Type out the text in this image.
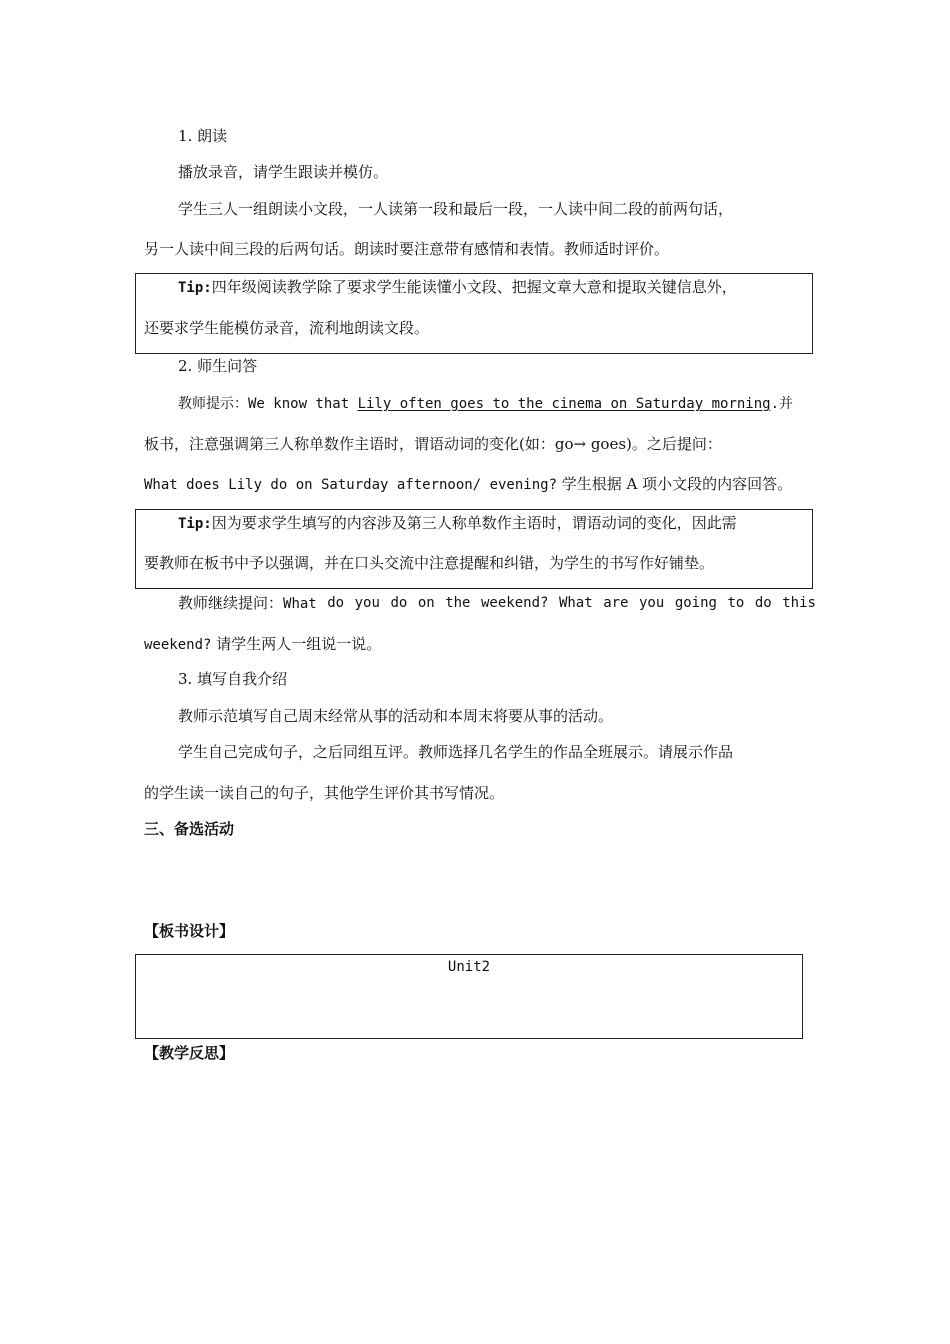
1. 朗读
播放录音，请学生跟读并模仿。
学生三人一组朗读小文段，一人读第一段和最后一段，一人读中间二段的前两句话，
另一人读中间三段的后两句话。朗读时要注意带有感情和表情。教师适时评价。
Tip:四年级阅读教学除了要求学生能读懂小文段、把握文章大意和提取关键信息外，
还要求学生能模仿录音，流利地朗读文段。
2. 师生问答
教师提示：We know that Lily often goes to the cinema on Saturday morning.并
板书，注意强调第三人称单数作主语时，谓语动词的变化(如：go→ goes)。之后提问：
What does Lily do on Saturday afternoon/ evening? 学生根据 A 项小文段的内容回答。
Tip:因为要求学生填写的内容涉及第三人称单数作主语时，谓语动词的变化，因此需
要教师在板书中予以强调，并在口头交流中注意提醒和纠错，为学生的书写作好铺垫。
教师继续提问：What do you do on the weekend? What are you going to do this
weekend? 请学生两人一组说一说。
3. 填写自我介绍
教师示范填写自己周末经常从事的活动和本周末将要从事的活动。
学生自己完成句子，之后同组互评。教师选择几名学生的作品全班展示。请展示作品
的学生读一读自己的句子，其他学生评价其书写情况。
三、备选活动
【板书设计】
Unit2
【教学反思】
